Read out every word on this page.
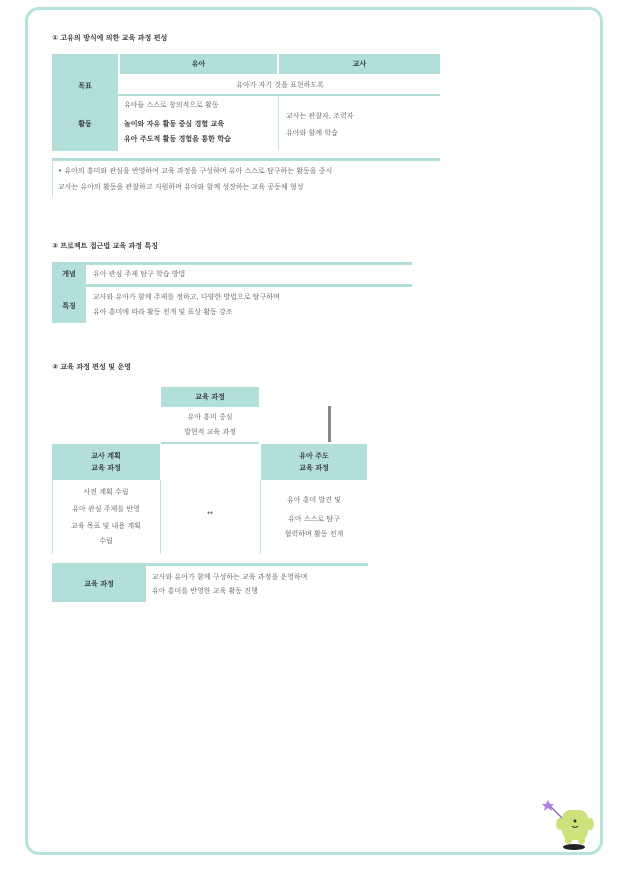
① 고유의 방식에 의한 교육 과정 편성
목표
유아	교사
유아가 자기 것을 표현하도록
활동
유아들 스스로 창의적으로 활동
놀이와 자유 활동 중심 경험 교육
유아 주도적 활동 경험을 통한 학습
교사는 관찰자, 조력자
유아와 함께 학습
• 유아의 흥미와 관심을 반영하여 교육 과정을 구성하며 유아 스스로 탐구하는 활동을 중시
교사는 유아의 활동을 관찰하고 지원하며 유아와 함께 성장하는 교육 공동체 형성
② 프로젝트 접근법 교육 과정 특징
개념	유아 관심 주제 탐구 학습 방법
특징
교사와 유아가 함께 주제를 정하고, 다양한 방법으로 탐구하며
유아 흥미에 따라 활동 전개 및 표상 활동 강조
③ 교육 과정 편성 및 운영
교육 과정
유아 흥미 중심
발현적 교육 과정
교사 계획
교육 과정
사전 계획 수립
유아 관심 주제를 반영
교육 목표 및 내용 계획
수립
↔
유아 주도
교육 과정
유아 흥미 발견 및
유아 스스로 탐구
협력하며 활동 전개
교육 과정
교사와 유아가 함께 구성하는 교육 과정을 운영하며
유아 흥미를 반영한 교육 활동 진행
